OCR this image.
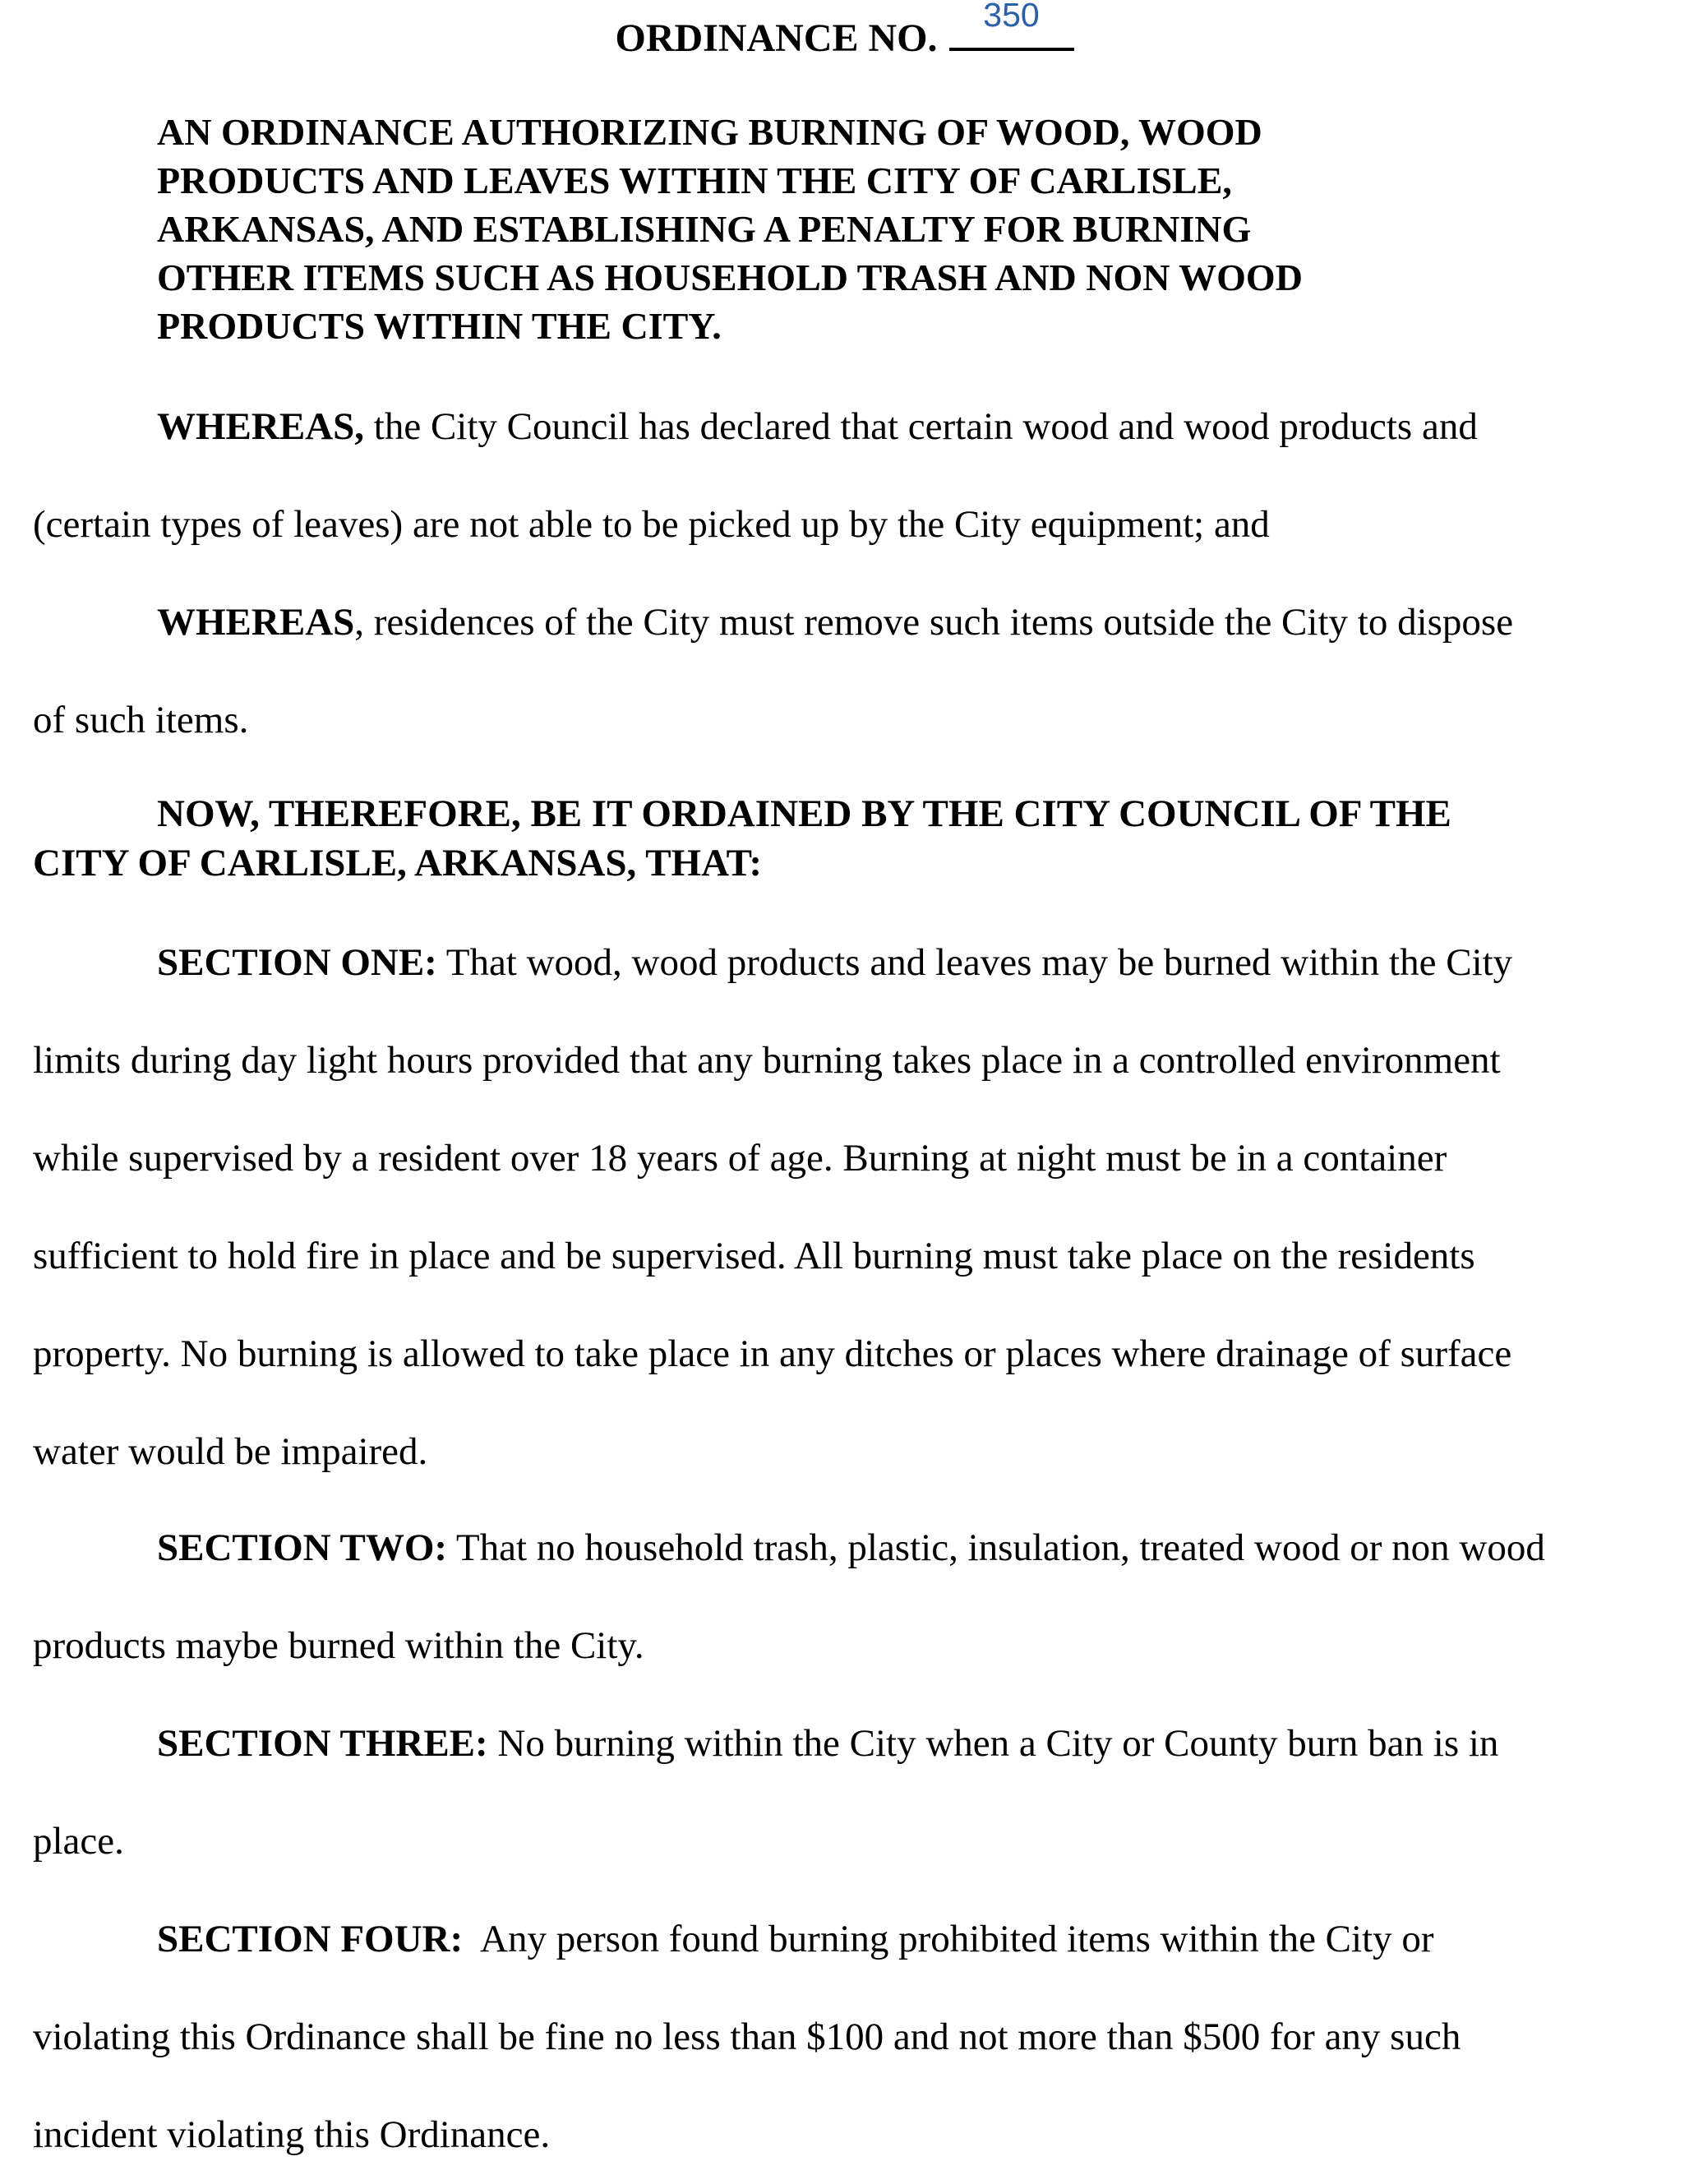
ORDINANCE NO.
350
AN ORDINANCE AUTHORIZING BURNING OF WOOD, WOOD
PRODUCTS AND LEAVES WITHIN THE CITY OF CARLISLE,
ARKANSAS, AND ESTABLISHING A PENALTY FOR BURNING
OTHER ITEMS SUCH AS HOUSEHOLD TRASH AND NON WOOD
PRODUCTS WITHIN THE CITY.
WHEREAS, the City Council has declared that certain wood and wood products and
(certain types of leaves) are not able to be picked up by the City equipment; and
WHEREAS, residences of the City must remove such items outside the City to dispose
of such items.
NOW, THEREFORE, BE IT ORDAINED BY THE CITY COUNCIL OF THE
CITY OF CARLISLE, ARKANSAS, THAT:
SECTION ONE: That wood, wood products and leaves may be burned within the City
limits during day light hours provided that any burning takes place in a controlled environment
while supervised by a resident over 18 years of age. Burning at night must be in a container
sufficient to hold fire in place and be supervised. All burning must take place on the residents
property. No burning is allowed to take place in any ditches or places where drainage of surface
water would be impaired.
SECTION TWO: That no household trash, plastic, insulation, treated wood or non wood
products maybe burned within the City.
SECTION THREE: No burning within the City when a City or County burn ban is in
place.
SECTION FOUR:  Any person found burning prohibited items within the City or
violating this Ordinance shall be fine no less than $100 and not more than $500 for any such
incident violating this Ordinance.
